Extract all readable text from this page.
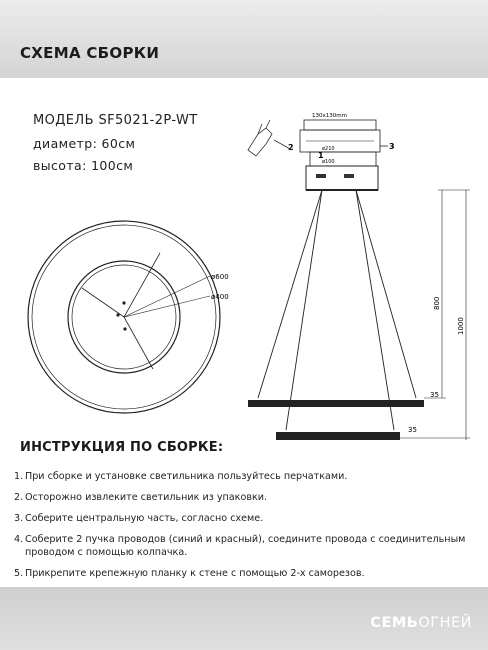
СХЕМА СБОРКИ
МОДЕЛЬ SF5021-2P-WT
диаметр: 60см
высота: 100см
ø600
ø400
130x130mm
ø210
ø100
2
1
3
800
1000
35
35
ИНСТРУКЦИЯ ПО СБОРКЕ:
1. При сборке и установке светильника пользуйтесь перчатками.
2. Осторожно извлеките светильник из упаковки.
3. Соберите центральную часть, согласно схеме.
4. Соберите 2 пучка проводов (синий и красный), соедините провода с соединительным проводом с помощью колпачка.
5. Прикрепите крепежную планку к стене с помощью 2-х саморезов.
СЕМЬОГНЕЙ
